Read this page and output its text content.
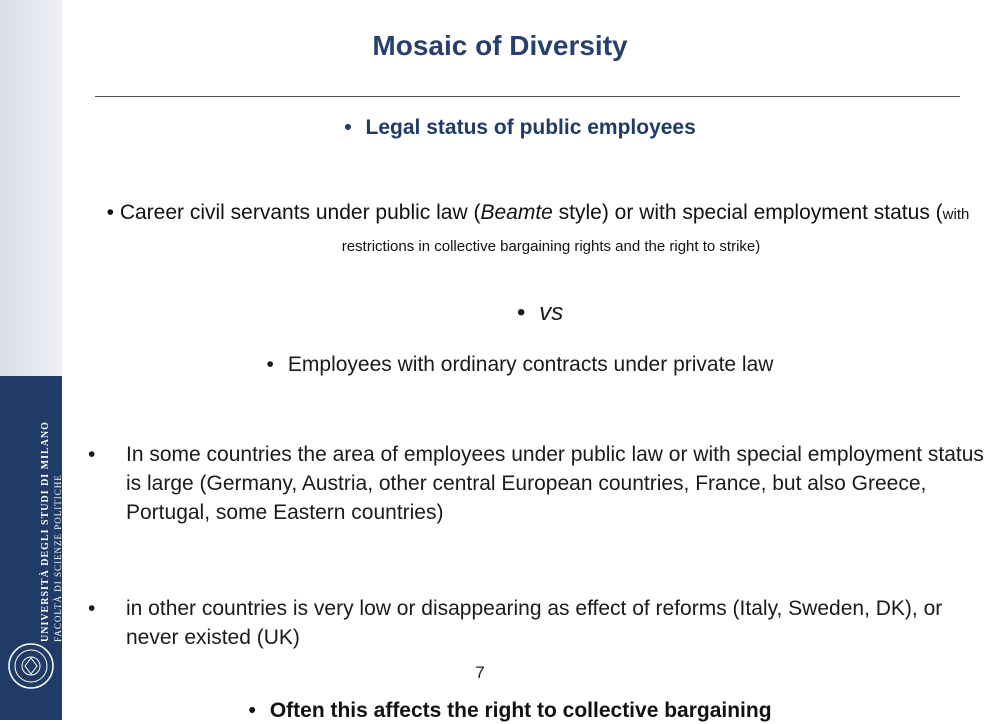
UNIVERSITÀ DEGLI STUDI DI MILANO FACOLTÀ DI SCIENZE POLITICHE
Mosaic of Diversity
• Legal status of public employees
• Career civil servants under public law (Beamte style) or with special employment status (with restrictions in collective bargaining rights and the right to strike)
• vs
• Employees with ordinary contracts under private law
• In some countries the area of employees under public law or with special employment status is large (Germany, Austria, other central European countries, France, but also Greece, Portugal, some Eastern countries)
• in other countries is very low or disappearing as effect of reforms (Italy, Sweden, DK), or never existed (UK)
7
• Often this affects the right to collective bargaining
